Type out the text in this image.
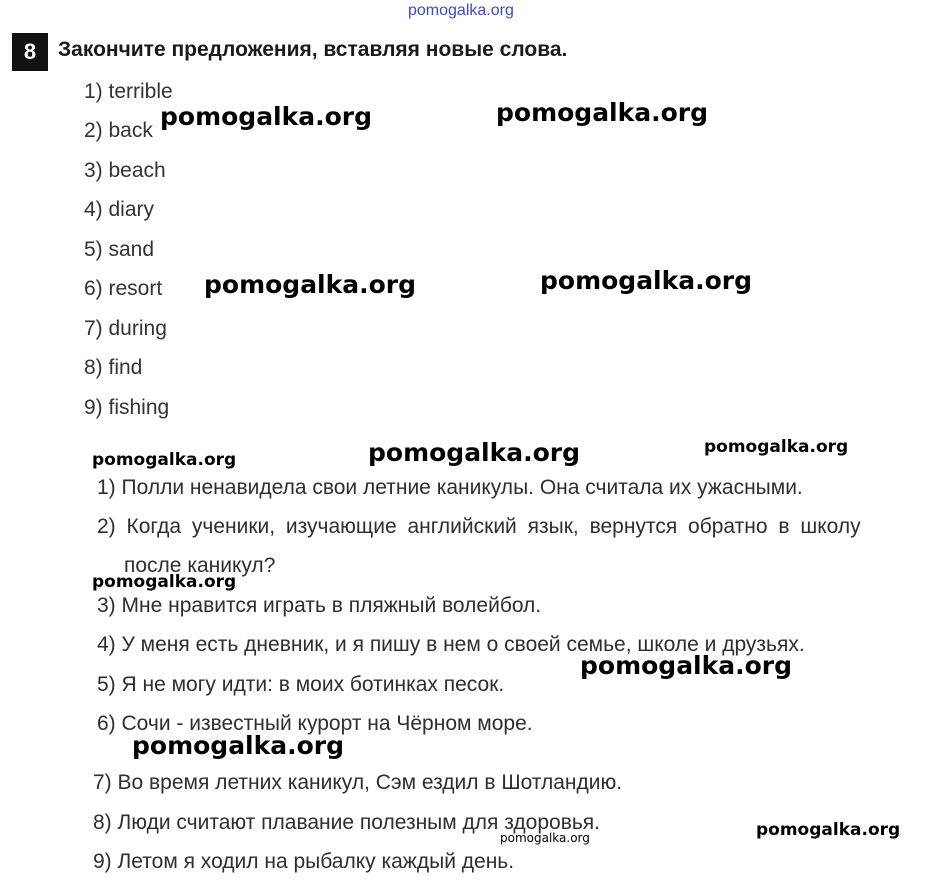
pomogalka.org
8	Закончите предложения, вставляя новые слова.
1) terrible
2) back
3) beach
4) diary
5) sand
6) resort
7) during
8) find
9) fishing
1) Полли ненавидела свои летние каникулы. Она считала их ужасными.
2) Когда ученики, изучающие английский язык, вернутся обратно в школу
после каникул?
3) Мне нравится играть в пляжный волейбол.
4) У меня есть дневник, и я пишу в нем о своей семье, школе и друзьях.
5) Я не могу идти: в моих ботинках песок.
6) Сочи - известный курорт на Чёрном море.
7) Во время летних каникул, Сэм ездил в Шотландию.
8) Люди считают плавание полезным для здоровья.
9) Летом я ходил на рыбалку каждый день.
pomogalka.org	pomogalka.org
pomogalka.org	pomogalka.org
pomogalka.org	pomogalka.org	pomogalka.org
pomogalka.org
pomogalka.org
pomogalka.org
pomogalka.org	pomogalka.org
